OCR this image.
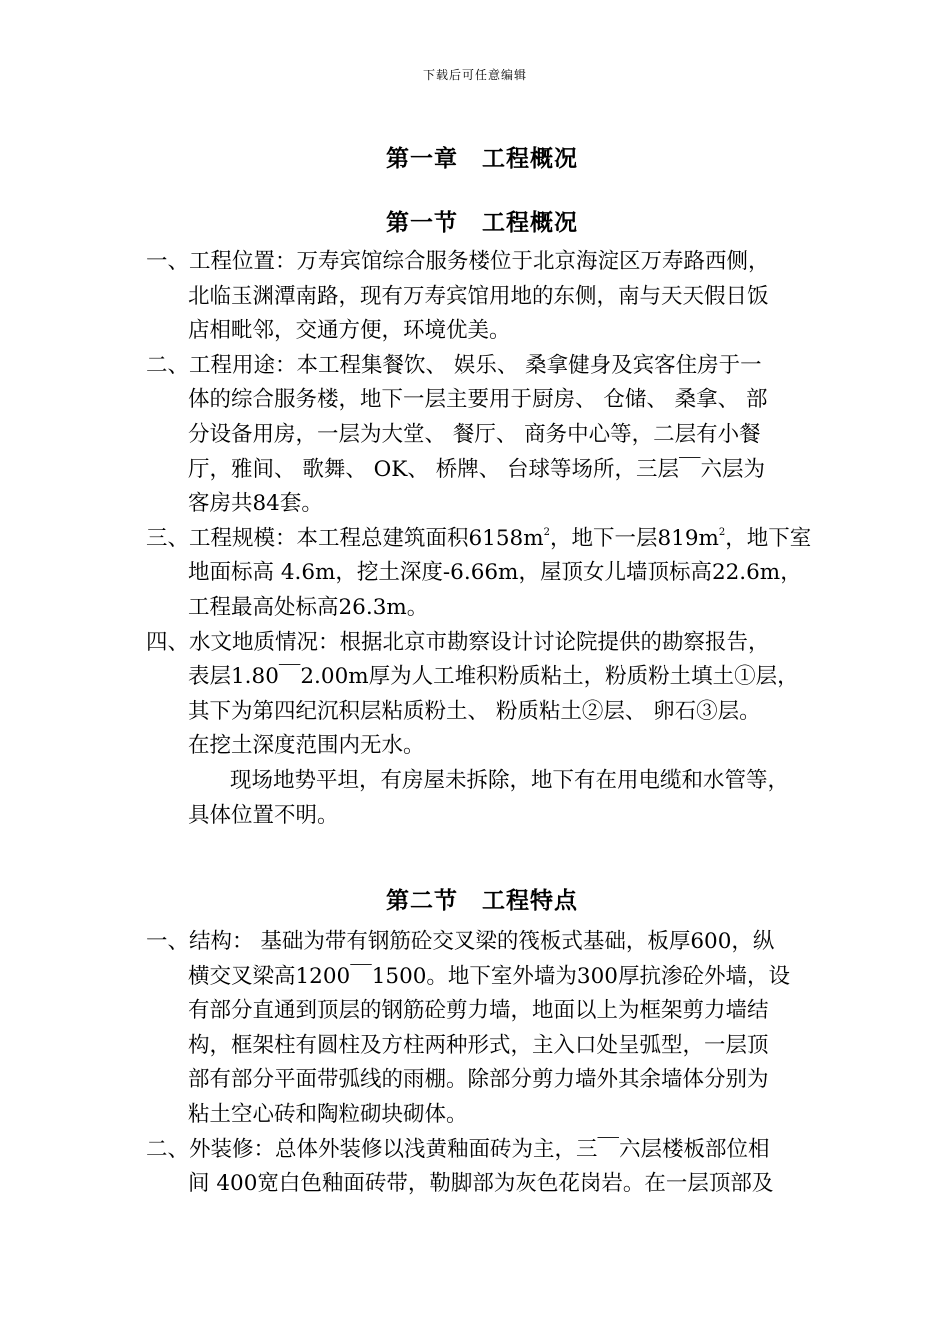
下载后可任意编辑
第一章 工程概况
第一节 工程概况
一、工程位置：万寿宾馆综合服务楼位于北京海淀区万寿路西侧，
北临玉渊潭南路，现有万寿宾馆用地的东侧，南与天天假日饭
店相毗邻，交通方便，环境优美。
二、工程用途：本工程集餐饮、 娱乐、 桑拿健身及宾客住房于一
体的综合服务楼，地下一层主要用于厨房、 仓储、 桑拿、 部
分设备用房，一层为大堂、 餐厅、 商务中心等，二层有小餐
厅，雅间、 歌舞、 OK、 桥牌、 台球等场所，三层￣六层为
客房共84套。
三、工程规模：本工程总建筑面积$6158m^2$，地下一层$819m^2$，地下室
地面标高 4.6m，挖土深度-6.66m，屋顶女儿墙顶标高22.6m，
工程最高处标高26.3m。
四、水文地质情况：根据北京市勘察设计讨论院提供的勘察报告，
表层1.80￣2.00m厚为人工堆积粉质粘土，粉质粉土填土①层，
其下为第四纪沉积层粘质粉土、 粉质粘土②层、 卵石③层。
在挖土深度范围内无水。
现场地势平坦，有房屋未拆除，地下有在用电缆和水管等，
具体位置不明。
第二节 工程特点
一、结构： 基础为带有钢筋砼交叉梁的筏板式基础，板厚600，纵
横交叉梁高1200￣1500。地下室外墙为300厚抗渗砼外墙，设
有部分直通到顶层的钢筋砼剪力墙，地面以上为框架剪力墙结
构，框架柱有圆柱及方柱两种形式，主入口处呈弧型，一层顶
部有部分平面带弧线的雨棚。除部分剪力墙外其余墙体分别为
粘土空心砖和陶粒砌块砌体。
二、外装修：总体外装修以浅黄釉面砖为主，三￣六层楼板部位相
间 400宽白色釉面砖带，勒脚部为灰色花岗岩。在一层顶部及
